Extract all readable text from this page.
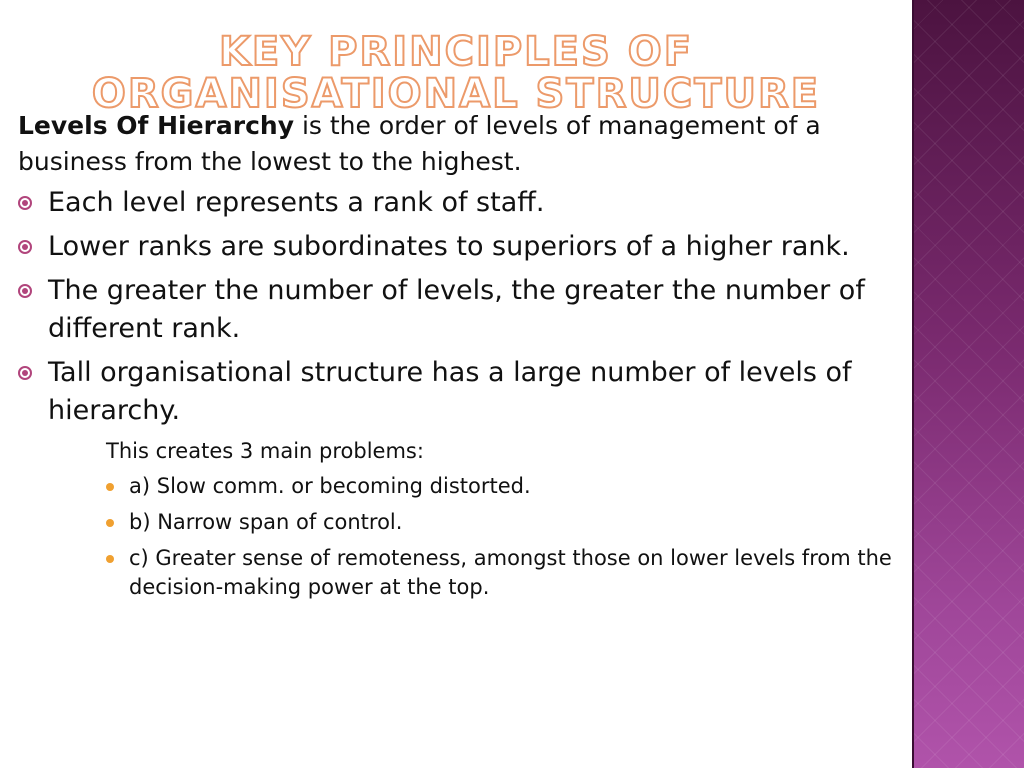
KEY PRINCIPLES OF
ORGANISATIONAL STRUCTURE

Levels Of Hierarchy is the order of levels of management of a business from the lowest to the highest.

Each level represents a rank of staff.
Lower ranks are subordinates to superiors of a higher rank.
The greater the number of levels, the greater the number of different rank.
Tall organisational structure has a large number of levels of hierarchy.

This creates 3 main problems:

a) Slow comm. or becoming distorted.
b) Narrow span of control.
c) Greater sense of remoteness, amongst those on lower levels from the decision-making power at the top.
